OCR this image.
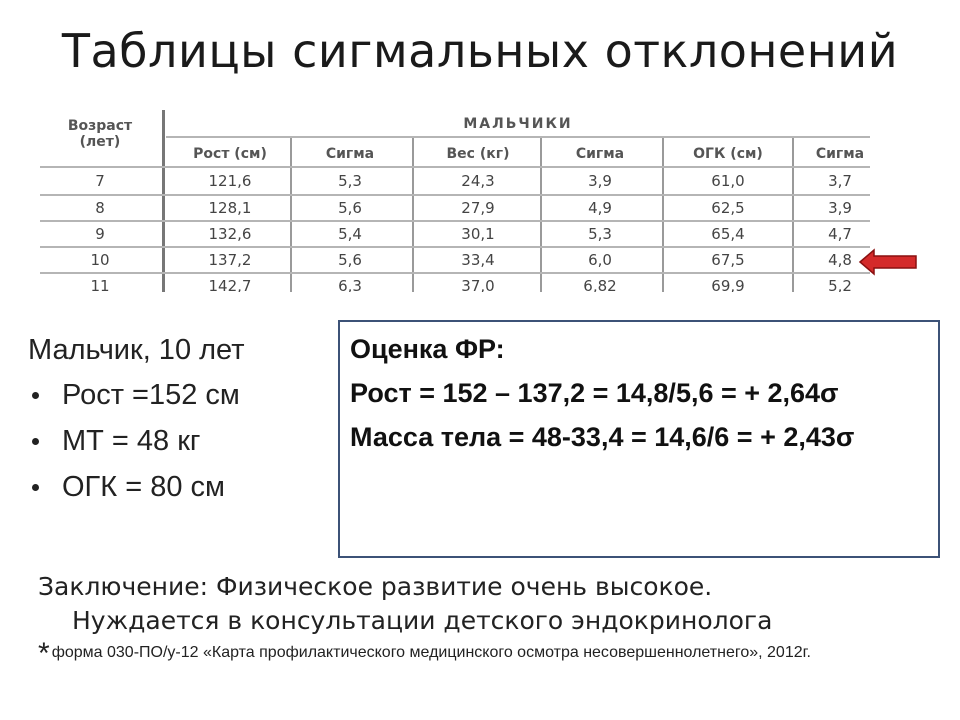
Таблицы сигмальных отклонений
Возраст
(лет)
МАЛЬЧИКИ
Рост (см)	Сигма	Вес (кг)	Сигма	ОГК (см)	Сигма
7	121,6	5,3	24,3	3,9	61,0	3,7
8	128,1	5,6	27,9	4,9	62,5	3,9
9	132,6	5,4	30,1	5,3	65,4	4,7
10	137,2	5,6	33,4	6,0	67,5	4,8
11	142,7	6,3	37,0	6,82	69,9	5,2

Мальчик, 10 лет

Рост =152 см
МТ = 48 кг
ОГК = 80 см

Оценка ФР:

Рост = 152 – 137,2 = 14,8/5,6 = + 2,64σ

Масса тела = 48-33,4 = 14,6/6 = + 2,43σ

Заключение: Физическое развитие очень высокое.
Нуждается в консультации детского эндокринолога
* форма 030-ПО/у-12 «Карта профилактического медицинского осмотра несовершеннолетнего», 2012г.
